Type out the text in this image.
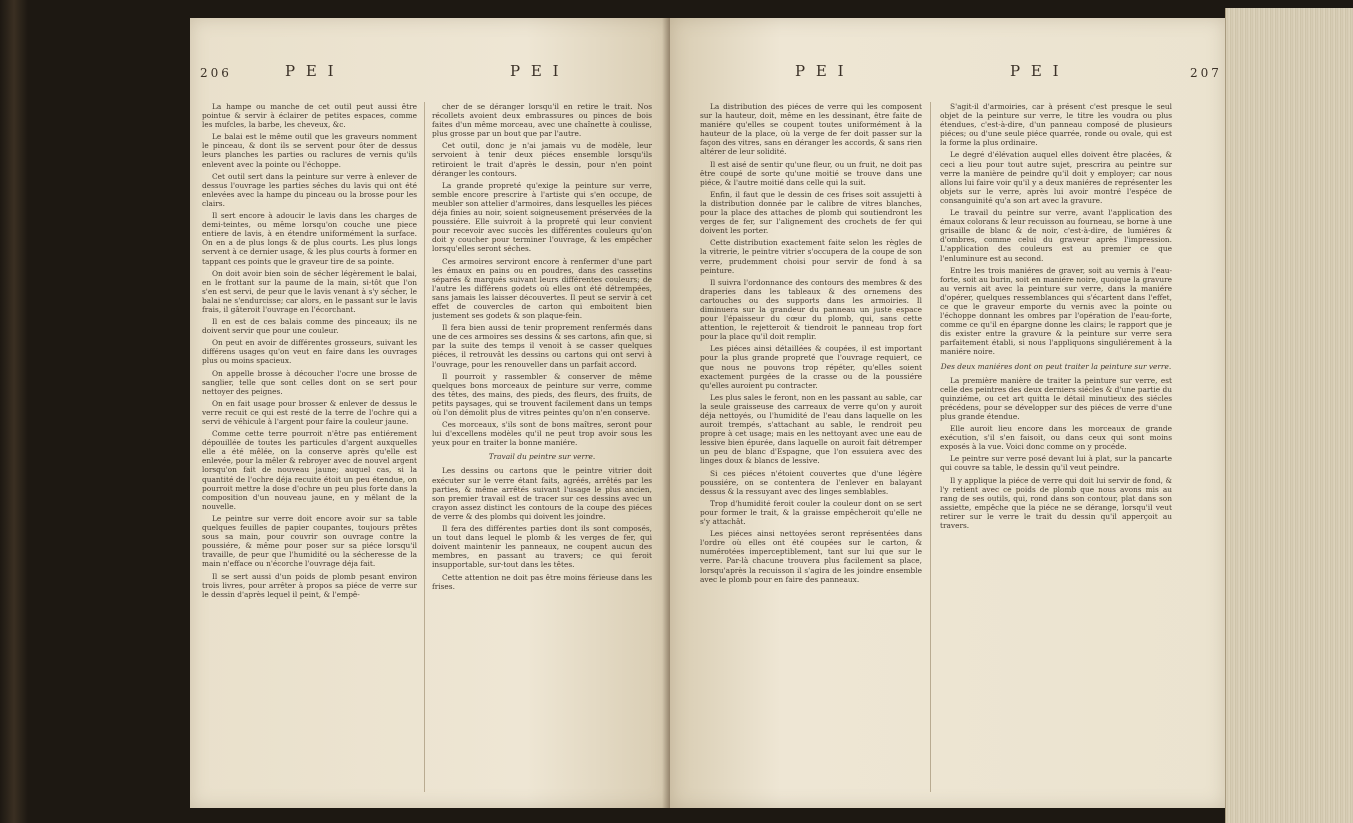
206	P E I	P E I

La hampe ou manche de cet outil peut aussi être pointue & servir à éclairer de petites espaces, comme les mufcles, la barbe, les cheveux, &c.

Le balai est le même outil que les graveurs nomment le pinceau, & dont ils se servent pour ôter de dessus leurs planches les parties ou raclures de vernis qu'ils enlevent avec la pointe ou l'échoppe.

Cet outil sert dans la peinture sur verre à enlever de dessus l'ouvrage les parties séches du lavis qui ont été enlevées avec la hampe du pinceau ou la brosse pour les clairs.

Il sert encore à adoucir le lavis dans les charges de demi-teintes, ou même lorsqu'on couche une piece entiere de lavis, à en étendre uniformément la surface. On en a de plus longs & de plus courts. Les plus longs servent à ce dernier usage, & les plus courts à former en tappant ces points que le graveur tire de sa pointe.

On doit avoir bien soin de sécher légèrement le balai, en le frottant sur la paume de la main, si-tôt que l'on s'en est servi, de peur que le lavis venant à s'y sécher, le balai ne s'endurcisse; car alors, en le passant sur le lavis frais, il gâteroit l'ouvrage en l'écorchant.

Il en est de ces balais comme des pinceaux; ils ne doivent servir que pour une couleur.

On peut en avoir de différentes grosseurs, suivant les différens usages qu'on veut en faire dans les ouvrages plus ou moins spacieux.

On appelle brosse à découcher l'ocre une brosse de sanglier, telle que sont celles dont on se sert pour nettoyer des peignes.

On en fait usage pour brosser & enlever de dessus le verre recuit ce qui est resté de la terre de l'ochre qui a servi de véhicule à l'argent pour faire la couleur jaune.

Comme cette terre pourroit n'être pas entiérement dépouillée de toutes les particules d'argent auxquelles elle a été mêlée, on la conserve après qu'elle est enlevée, pour la mêler & rebroyer avec de nouvel argent lorsqu'on fait de nouveau jaune; auquel cas, si la quantité de l'ochre déja recuite étoit un peu étendue, on pourroit mettre la dose d'ochre un peu plus forte dans la composition d'un nouveau jaune, en y mêlant de la nouvelle.

Le peintre sur verre doit encore avoir sur sa table quelques feuilles de papier coupantes, toujours prêtes sous sa main, pour couvrir son ouvrage contre la poussiére, & même pour poser sur sa piéce lorsqu'il travaille, de peur que l'humidité ou la sécheresse de la main n'efface ou n'écorche l'ouvrage déja fait.

Il se sert aussi d'un poids de plomb pesant environ trois livres, pour arrêter à propos sa piéce de verre sur le dessin d'après lequel il peint, & l'empê-

cher de se déranger lorsqu'il en retire le trait. Nos récollets avoient deux embrassures ou pinces de bois faites d'un même morceau, avec une chaînette à coulisse, plus grosse par un bout que par l'autre.

Cet outil, donc je n'ai jamais vu de modèle, leur servoient à tenir deux piéces ensemble lorsqu'ils retiroient le trait d'après le dessin, pour n'en point déranger les contours.

La grande propreté qu'exige la peinture sur verre, semble encore prescrire à l'artiste qui s'en occupe, de meubler son attelier d'armoires, dans lesquelles les piéces déja finies au noir, soient soigneusement préservées de la poussiére. Elle suivroit à la propreté qui leur convient pour recevoir avec succès les différentes couleurs qu'on doit y coucher pour terminer l'ouvrage, & les empêcher lorsqu'elles seront séches.

Ces armoires serviront encore à renfermer d'une part les émaux en pains ou en poudres, dans des cassetins séparés & marqués suivant leurs différentes couleurs; de l'autre les différens godets où elles ont été détrempées, sans jamais les laisser découvertes. Il peut se servir à cet effet de couvercles de carton qui emboitent bien justement ses godets & son plaque-fein.

Il fera bien aussi de tenir proprement renfermés dans une de ces armoires ses dessins & ses cartons, afin que, si par la suite des temps il venoit à se casser quelques piéces, il retrouvât les dessins ou cartons qui ont servi à l'ouvrage, pour les renouveller dans un parfait accord.

Il pourroit y rassembler & conserver de même quelques bons morceaux de peinture sur verre, comme des têtes, des mains, des pieds, des fleurs, des fruits, de petits paysages, qui se trouvent facilement dans un temps où l'on démolit plus de vitres peintes qu'on n'en conserve.

Ces morceaux, s'ils sont de bons maîtres, seront pour lui d'excellens modèles qu'il ne peut trop avoir sous les yeux pour en traiter la bonne maniére.

Travail du peintre sur verre.

Les dessins ou cartons que le peintre vitrier doit exécuter sur le verre étant faits, agréés, arrêtés par les parties, & même arrêtés suivant l'usage le plus ancien, son premier travail est de tracer sur ces dessins avec un crayon assez distinct les contours de la coupe des piéces de verre & des plombs qui doivent les joindre.

Il fera des différentes parties dont ils sont composés, un tout dans lequel le plomb & les verges de fer, qui doivent maintenir les panneaux, ne coupent aucun des membres, en passant au travers; ce qui feroit insupportable, sur-tout dans les têtes.

Cette attention ne doit pas être moins férieuse dans les frises.

P E I	P E I	207

La distribution des piéces de verre qui les composent sur la hauteur, doit, même en les dessinant, être faite de maniére qu'elles se coupent toutes uniformément à la hauteur de la place, où la verge de fer doit passer sur la façon des vitres, sans en déranger les accords, & sans rien altérer de leur solidité.

Il est aisé de sentir qu'une fleur, ou un fruit, ne doit pas être coupé de sorte qu'une moitié se trouve dans une piéce, & l'autre moitié dans celle qui la suit.

Enfin, il faut que le dessin de ces frises soit assujetti à la distribution donnée par le calibre de vitres blanches, pour la place des attaches de plomb qui soutiendront les verges de fer, sur l'alignement des crochets de fer qui doivent les porter.

Cette distribution exactement faite selon les règles de la vitrerie, le peintre vitrier s'occupera de la coupe de son verre, prudemment choisi pour servir de fond à sa peinture.

Il suivra l'ordonnance des contours des membres & des draperies dans les tableaux & des ornemens des cartouches ou des supports dans les armoiries. Il diminuera sur la grandeur du panneau un juste espace pour l'épaisseur du cœur du plomb, qui, sans cette attention, le rejetteroit & tiendroit le panneau trop fort pour la place qu'il doit remplir.

Les piéces ainsi détaillées & coupées, il est important pour la plus grande propreté que l'ouvrage requiert, ce que nous ne pouvons trop répéter, qu'elles soient exactement purgées de la crasse ou de la poussiére qu'elles auroient pu contracter.

Les plus sales le feront, non en les passant au sable, car la seule graisseuse des carreaux de verre qu'on y auroit déja nettoyés, ou l'humidité de l'eau dans laquelle on les auroit trempés, s'attachant au sable, le rendroit peu propre à cet usage; mais en les nettoyant avec une eau de lessive bien épurée, dans laquelle on auroit fait détremper un peu de blanc d'Espagne, que l'on essuiera avec des linges doux & blancs de lessive.

Si ces piéces n'étoient couvertes que d'une légère poussiére, on se contentera de l'enlever en balayant dessus & la ressuyant avec des linges semblables.

Trop d'humidité feroit couler la couleur dont on se sert pour former le trait, & la graisse empêcheroit qu'elle ne s'y attachât.

Les piéces ainsi nettoyées seront représentées dans l'ordre où elles ont été coupées sur le carton, & numérotées imperceptiblement, tant sur lui que sur le verre. Par-là chacune trouvera plus facilement sa place, lorsqu'après la recuisson il s'agira de les joindre ensemble avec le plomb pour en faire des panneaux.

S'agit-il d'armoiries, car à présent c'est presque le seul objet de la peinture sur verre, le titre les voudra ou plus étendues, c'est-à-dire, d'un panneau composé de plusieurs piéces; ou d'une seule piéce quarrée, ronde ou ovale, qui est la forme la plus ordinaire.

Le degré d'élévation auquel elles doivent être placées, & ceci a lieu pour tout autre sujet, prescrira au peintre sur verre la manière de peindre qu'il doit y employer; car nous allons lui faire voir qu'il y a deux maniéres de représenter les objets sur le verre, après lui avoir montré l'espéce de consanguinité qu'a son art avec la gravure.

Le travail du peintre sur verre, avant l'application des émaux colorans & leur recuisson au fourneau, se borne à une grisaille de blanc & de noir, c'est-à-dire, de lumiéres & d'ombres, comme celui du graveur après l'impression. L'application des couleurs est au premier ce que l'enluminure est au second.

Entre les trois maniéres de graver, soit au vernis à l'eau-forte, soit au burin, soit en maniére noire, quoique la gravure au vernis ait avec la peinture sur verre, dans la maniére d'opérer, quelques ressemblances qui s'écartent dans l'effet, ce que le graveur emporte du vernis avec la pointe ou l'échoppe donnant les ombres par l'opération de l'eau-forte, comme ce qu'il en épargne donne les clairs; le rapport que je dis exister entre la gravure & la peinture sur verre sera parfaitement établi, si nous l'appliquons singuliérement à la maniére noire.

Des deux maniéres dont on peut traiter la peinture sur verre.

La première manière de traiter la peinture sur verre, est celle des peintres des deux derniers siécles & d'une partie du quinziéme, ou cet art quitta le détail minutieux des siécles précédens, pour se développer sur des piéces de verre d'une plus grande étendue.

Elle auroit lieu encore dans les morceaux de grande exécution, s'il s'en faisoit, ou dans ceux qui sont moins exposés à la vue. Voici donc comme on y procéde.

Le peintre sur verre posé devant lui à plat, sur la pancarte qui couvre sa table, le dessin qu'il veut peindre.

Il y applique la piéce de verre qui doit lui servir de fond, & l'y retient avec ce poids de plomb que nous avons mis au rang de ses outils, qui, rond dans son contour, plat dans son assiette, empêche que la piéce ne se dérange, lorsqu'il veut retirer sur le verre le trait du dessin qu'il apperçoit au travers.
